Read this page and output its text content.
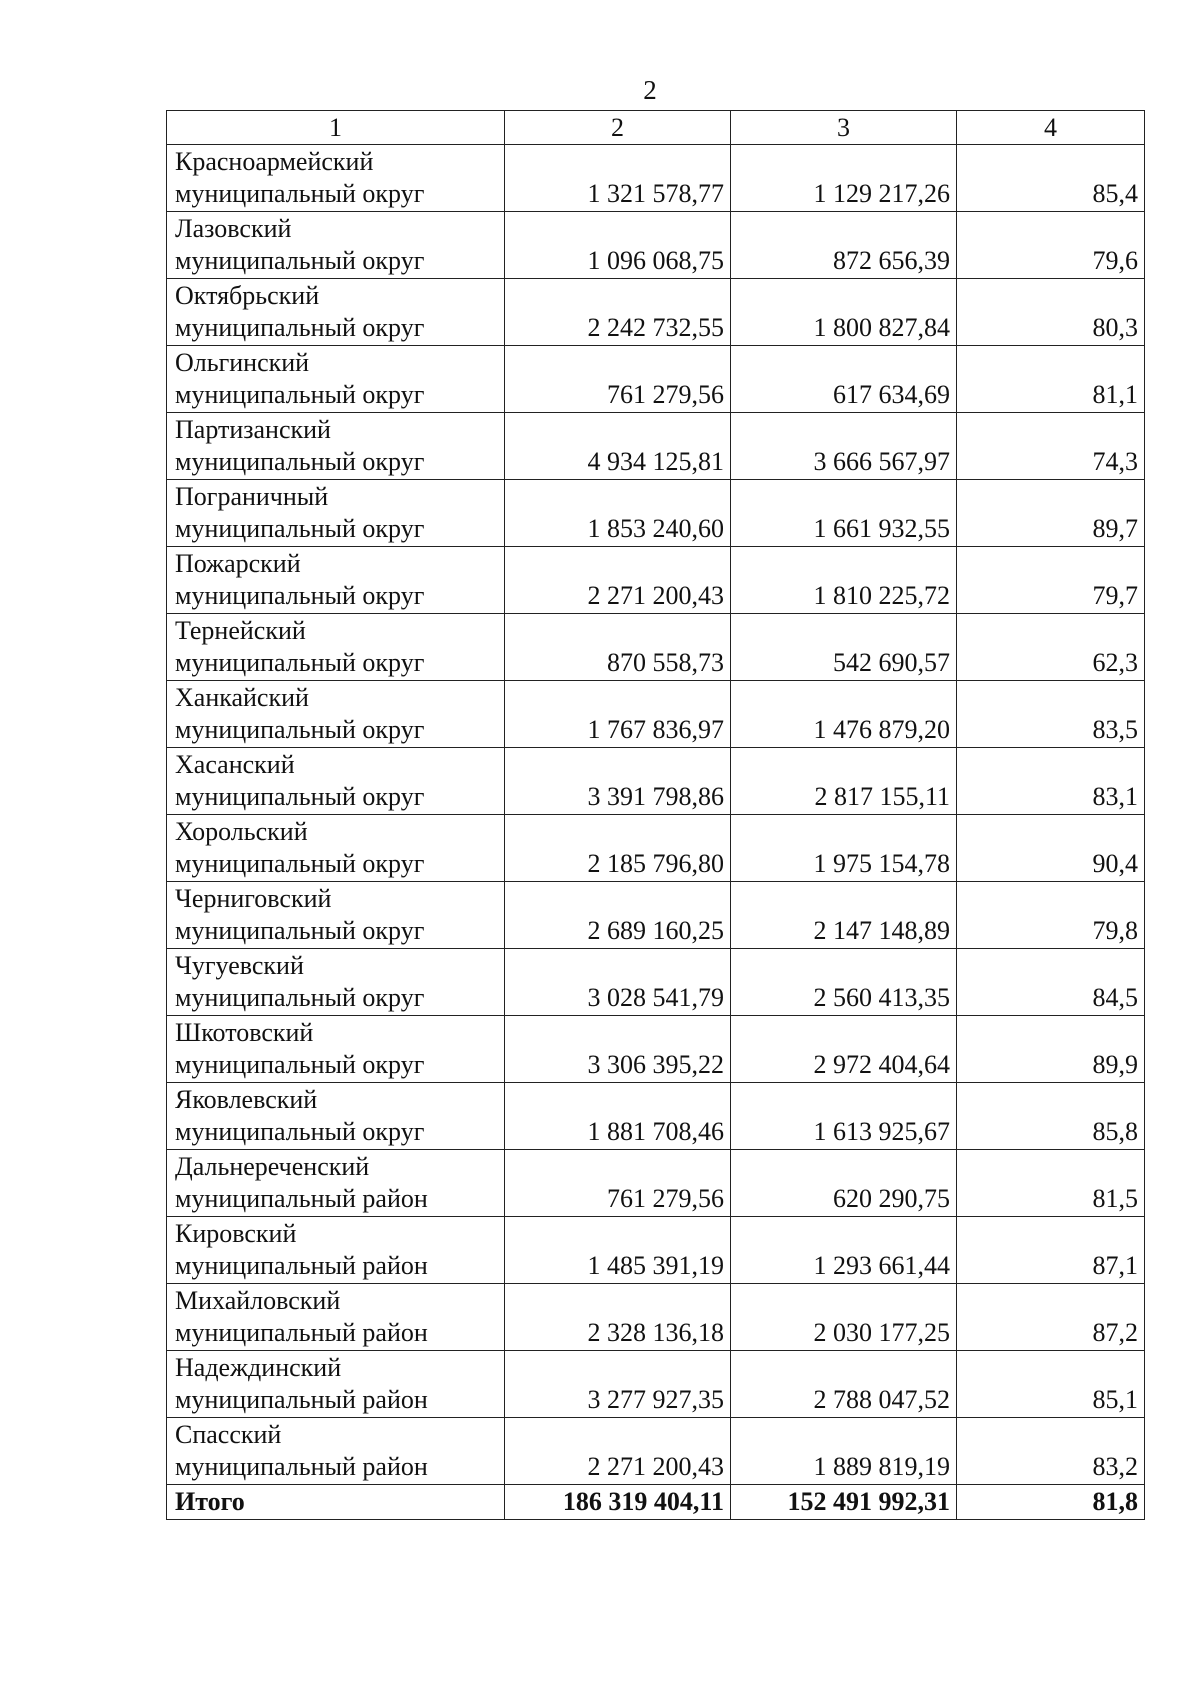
2
1	2	3	4

Красноармейский
муниципальный округ	1 321 578,77	1 129 217,26	85,4

Лазовский
муниципальный округ	1 096 068,75	872 656,39	79,6

Октябрьский
муниципальный округ	2 242 732,55	1 800 827,84	80,3

Ольгинский
муниципальный округ	761 279,56	617 634,69	81,1

Партизанский
муниципальный округ	4 934 125,81	3 666 567,97	74,3

Пограничный
муниципальный округ	1 853 240,60	1 661 932,55	89,7

Пожарский
муниципальный округ	2 271 200,43	1 810 225,72	79,7

Тернейский
муниципальный округ	870 558,73	542 690,57	62,3

Ханкайский
муниципальный округ	1 767 836,97	1 476 879,20	83,5

Хасанский
муниципальный округ	3 391 798,86	2 817 155,11	83,1

Хорольский
муниципальный округ	2 185 796,80	1 975 154,78	90,4

Черниговский
муниципальный округ	2 689 160,25	2 147 148,89	79,8

Чугуевский
муниципальный округ	3 028 541,79	2 560 413,35	84,5

Шкотовский
муниципальный округ	3 306 395,22	2 972 404,64	89,9

Яковлевский
муниципальный округ	1 881 708,46	1 613 925,67	85,8

Дальнереченский
муниципальный район	761 279,56	620 290,75	81,5

Кировский
муниципальный район	1 485 391,19	1 293 661,44	87,1

Михайловский
муниципальный район	2 328 136,18	2 030 177,25	87,2

Надеждинский
муниципальный район	3 277 927,35	2 788 047,52	85,1

Спасский
муниципальный район	2 271 200,43	1 889 819,19	83,2
Итого	186 319 404,11	152 491 992,31	81,8
